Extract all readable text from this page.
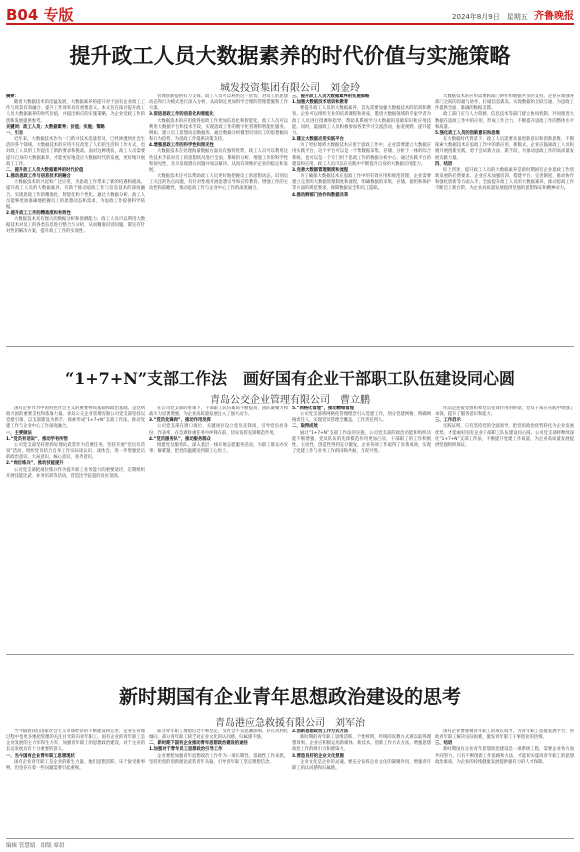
B04 专版	2024年8月9日　星期五 齐鲁晚报
提升政工人员大数据素养的时代价值与实施策略
城发投资集团有限公司　刘金玲

摘要：

随着大数据技术的迅猛发展，大数据素养的提升对于国有企业政工工作与将其有效融合，提升工作效率具有重要意义。本文旨在探讨提升政工人员大数据素养的时代价值，并提出相应的实施策略，为企业党政工作的创新发展提供参考。

关键词：政工人员；大数据素养；价值；实施；策略

一、引言

近年来，大数据技术作为一门新兴技术迅速普及，已经渗透到社会生活的各个领域。大数据技术的应用不仅改变了人们的生活和工作方式，也对政工人员的工作提出了新的要求和挑战。面对这种现状，政工人员需要提升自身的大数据素养，才能更好地适应大数据时代的发展，更好地开展政工工作。

二、提升政工人员大数据素养的时代价值

1.推动思政工作与信息技术的融合

大数据技术的兴起和广泛应用，为思政工作带来了新的机遇和挑战。提升政工人员的大数据素养，有助于推动思政工作与信息技术的深度融合，实现思政工作的精准化、智能化和个性化。通过大数据分析，政工人员能够更加准确地把握员工的思想动态和需求，为思政工作提供科学依据。

2.提升政工工作的精准度和有效性

大数据技术具有强大的数据分析和预测能力，政工人员可以利用大数据技术对员工的各类信息进行整合与分析，从而精准识别问题，制定有针对性的解决方案，提升政工工作的实效性。

管理创新提供有力支撑。政工人员可以利用这一优势，对员工的思想动态和行为模式进行深入分析，从而制定更加科学合理的管理措施和工作方案。

3.促进思政工作的信息化和智能化

大数据技术的应用使得思政工作更加信息化和智能化。政工人员可以利用大数据平台和技术手段，实现思政工作的数字化管理和智能化服务。例如，建立员工思想动态数据库，通过数据分析模型识别员工的思想倾向和行为趋势，为思政工作提供决策支持。

4.增强思政工作的科学性和预见性

大数据技术在处理海量数据方面具有独特优势，政工人员可以利用这些技术手段对员工的思想状况进行全面、系统的分析，增强工作的科学性和预见性，及早发现潜在问题并加以解决，从而有效维护企业的稳定和发展。

大数据技术还可以帮助政工人员更好地把握员工的思想动态，识别员工关注的热点问题，有针对性地开展思想引导和宣传教育，增强工作的主动性和前瞻性，推动思政工作与企业中心工作的深度融合。

三、提升政工人员大数据素养的实施策略

1.加强大数据技术培训和教育

要提升政工人员的大数据素养，首先需要加强大数据技术的培训和教育。企业可以组织专业的培训课程和讲座，邀请大数据领域的专家学者为政工人员进行授课和指导，帮助其系统学习大数据的基础知识和应用技能。同时，鼓励政工人员积极参加各类学习交流活动，拓宽视野，提升能力。

2.建立大数据应用实践平台

为了更好地将大数据技术应用于思政工作中，企业需要建立大数据应用实践平台，这个平台可以是一个集数据采集、存储、分析于一体的综合系统，也可以是一个专门用于思政工作的数据分析中心。通过实践平台的建设和应用，政工人员可以在实践中不断提升自身的大数据应用能力。

3.完善大数据管理制度和流程

为了确保大数据技术在思政工作中的有效应用和规范管理，企业需要建立完善的大数据管理制度和流程，明确数据的采集、存储、使用和保护等方面的规范要求，保障数据安全和员工隐私。

4.推动跨部门协作和数据共享

大数据技术的应用需要跨部门协作和数据共享的支持。企业应加强各部门之间的沟通与协作，打破信息孤岛，实现数据的互联互通，为思政工作提供全面、准确的数据支撑。

政工部门应与人力资源、信息技术等部门建立协同机制，共同推进大数据在思政工作中的应用，形成工作合力，不断提升思政工作的整体水平和质量。

5.强化政工人员的创新意识和思维

在大数据时代背景下，政工人员需要具备创新意识和创新思维，不断探索大数据技术在思政工作中的新应用、新模式。企业应鼓励政工人员积极开展创新实践，勇于尝试新方法、新手段，为推动思政工作的高质量发展贡献力量。

四、结语

综上所述，提升政工人员的大数据素养是新时期国有企业思政工作创新发展的必然要求。企业应从加强培训、搭建平台、完善制度、推动协作和强化创新等方面入手，全面提升政工人员的大数据素养，推动思政工作不断迈上新台阶，为企业高质量发展提供坚强的思想保证和精神动力。

“1+7+N”支部工作法　画好国有企业干部职工队伍建设同心圆
青岛公交企业管理有限公司　曹立鹏

国有企业作为中国特色社会主义的重要物质基础和政治基础，是党执政兴国的重要支柱和依靠力量。青岛公交企业管理有限公司党支部坚持以党建引领，以支部建设为抓手，探索形成“1+7+N”支部工作法，推动党建工作与企业中心工作深度融合。

一、主要做法

1.“党员有话说”，推动学有所悟

公司党支部坚持把抓好理论武装作为首要任务，坚持开展“党员有话说”活动，组织党员结合自身工作实际谈认识、谈体会，进一步增强党员的政治意识、大局意识、核心意识、看齐意识。

2.“岗位练兵”，推动技能提升

公司党支部把岗位练兵作为提升职工业务能力的重要途径，定期组织开展技能比武、业务培训等活动，营造比学赶超的良好氛围。

在公司党支部的带领下，干部职工队伍素质不断提高，团队凝聚力和战斗力显著增强，为企业高质量发展注入了强大动力。

3.“党员先锋岗”，推动作用发挥

公司党支部在窗口岗位、关键岗位设立党员先锋岗，引导党员亮身份、作表率，在急难险重任务中冲锋在前，切实发挥先锋模范作用。

4.“党员服务队”，推动服务群众

组建党员服务队，深入基层一线开展志愿服务活动，为职工群众办实事、解难题，把党的温暖送到职工心坎上。

5.“网格化管理”，推动精细管理

公司党支部将网格化管理理念引入党建工作，划分党建网格，明确网格责任人，实现党员管理全覆盖，工作责任到人。

二、取得成效

通过“1+7+N”支部工作法的实施，公司党支部的政治功能和组织功能不断增强，党员队伍的先锋模范作用更加凸显，干部职工的工作积极性、主动性、创造性得到充分激发，企业各项工作取得了显著成效，实现了党建工作与业务工作的同频共振、互促共进。

作品是连接党组织和党员先锋作用的桥梁，党员干部在实践中增强了本领，提升了服务意识和能力。

三、工作启示

实践证明，只有坚持党的全面领导，把党的政治优势转化为企业发展优势，才能画好国有企业干部职工队伍建设同心圆。公司党支部将继续深化“1+7+N”支部工作法，不断提升党建工作质量，为企业高质量发展提供坚强组织保证。

新时期国有企业青年思想政治建设的思考
青岛港应急救援有限公司　刘军治

当今随着我们国家社会主义市场经济的不断建设和完善，企业在管理过程中也更多地把管理的关注目光转向青年职工。国有企业的青年职工是企业发展的主力军和生力军，加强青年职工的思想政治建设，对于企业的长远发展具有十分重要的意义。

一、当今国有企业青年职工思想现状

国有企业青年职工是企业的新生力量，他们思想活跃、乐于接受新事物，但也存在着一些问题需要引起重视。

部分青年职工理想信念不够坚定，受社会不良思潮影响，存在功利化倾向；部分青年职工缺乏对企业文化的认同感，归属感不强。

二、新时期下国有企业推动青年思想政治建设的途径

1.加强对于青年员工思想政治引导工作

企业要把加强青年思想政治工作作为一项长期性、基础性工作来抓，坚持用党的创新理论武装青年头脑，引导青年职工坚定理想信念。

2.创新思想政治工作方式方法

新时期的青年职工思维活跃、个性鲜明，传统的说教方式难以取得理想效果。企业应积极运用新媒体、新技术，创新工作方式方法，增强思想政治工作的吸引力和感染力。

3.营造良好的企业文化氛围

企业文化是企业的灵魂，要充分发挥企业文化的凝聚作用，增强青年职工的认同感和归属感。

国有企业要重视青年职工的成长成才，为青年职工搭建发展平台，帮助青年职工解决实际困难，激发青年职工干事创业的热情。

三、结语

新时期国有企业青年思想政治建设是一项系统工程，需要企业各方面共同努力。只有不断创新工作思路和方法，才能切实提高青年职工的思想政治素质，为企业的持续健康发展提供强有力的人才保障。

编辑 管慧婧　组版 席晨
